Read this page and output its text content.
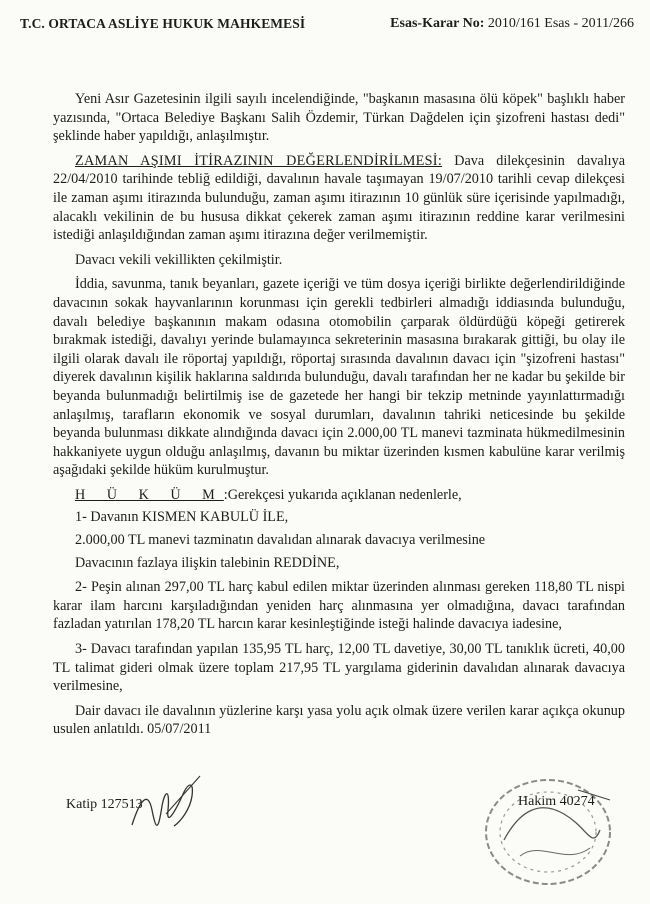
T.C. ORTACA ASLİYE HUKUK MAHKEMESİ	Esas-Karar No: 2010/161 Esas - 2011/266

Yeni Asır Gazetesinin ilgili sayılı incelendiğinde, "başkanın masasına ölü köpek" başlıklı haber yazısında, "Ortaca Belediye Başkanı Salih Özdemir, Türkan Dağdelen için şizofreni hastası dedi" şeklinde haber yapıldığı, anlaşılmıştır.

ZAMAN AŞIMI İTİRAZININ DEĞERLENDİRİLMESİ: Dava dilekçesinin davalıya 22/04/2010 tarihinde tebliğ edildiği, davalının havale taşımayan 19/07/2010 tarihli cevap dilekçesi ile zaman aşımı itirazında bulunduğu, zaman aşımı itirazının 10 günlük süre içerisinde yapılmadığı, alacaklı vekilinin de bu hususa dikkat çekerek zaman aşımı itirazının reddine karar verilmesini istediği anlaşıldığından zaman aşımı itirazına değer verilmemiştir.

Davacı vekili vekillikten çekilmiştir.

İddia, savunma, tanık beyanları, gazete içeriği ve tüm dosya içeriği birlikte değerlendirildiğinde davacının sokak hayvanlarının korunması için gerekli tedbirleri almadığı iddiasında bulunduğu, davalı belediye başkanının makam odasına otomobilin çarparak öldürdüğü köpeği getirerek bırakmak istediği, davalıyı yerinde bulamayınca sekreterinin masasına bırakarak gittiği, bu olay ile ilgili olarak davalı ile röportaj yapıldığı, röportaj sırasında davalının davacı için "şizofreni hastası" diyerek davalının kişilik haklarına saldırıda bulunduğu, davalı tarafından her ne kadar bu şekilde bir beyanda bulunmadığı belirtilmiş ise de gazetede her hangi bir tekzip metninde yayınlattırmadığı anlaşılmış, tarafların ekonomik ve sosyal durumları, davalının tahriki neticesinde bu şekilde beyanda bulunması dikkate alındığında davacı için 2.000,00 TL manevi tazminata hükmedilmesinin hakkaniyete uygun olduğu anlaşılmış, davanın bu miktar üzerinden kısmen kabulüne karar verilmiş aşağıdaki şekilde hüküm kurulmuştur.

H Ü K Ü M:Gerekçesi yukarıda açıklanan nedenlerle,

1- Davanın KISMEN KABULÜ İLE,

2.000,00 TL manevi tazminatın davalıdan alınarak davacıya verilmesine

Davacının fazlaya ilişkin talebinin REDDİNE,

2- Peşin alınan 297,00 TL harç kabul edilen miktar üzerinden alınması gereken 118,80 TL nispi karar ilam harcını karşıladığından yeniden harç alınmasına yer olmadığına, davacı tarafından fazladan yatırılan 178,20 TL harcın karar kesinleştiğinde isteği halinde davacıya iadesine,

3- Davacı tarafından yapılan 135,95 TL harç, 12,00 TL davetiye, 30,00 TL tanıklık ücreti, 40,00 TL talimat gideri olmak üzere toplam 217,95 TL yargılama giderinin davalıdan alınarak davacıya verilmesine,

Dair davacı ile davalının yüzlerine karşı yasa yolu açık olmak üzere verilen karar açıkça okunup usulen anlatıldı. 05/07/2011

Katip 127513	Hakim 40274
